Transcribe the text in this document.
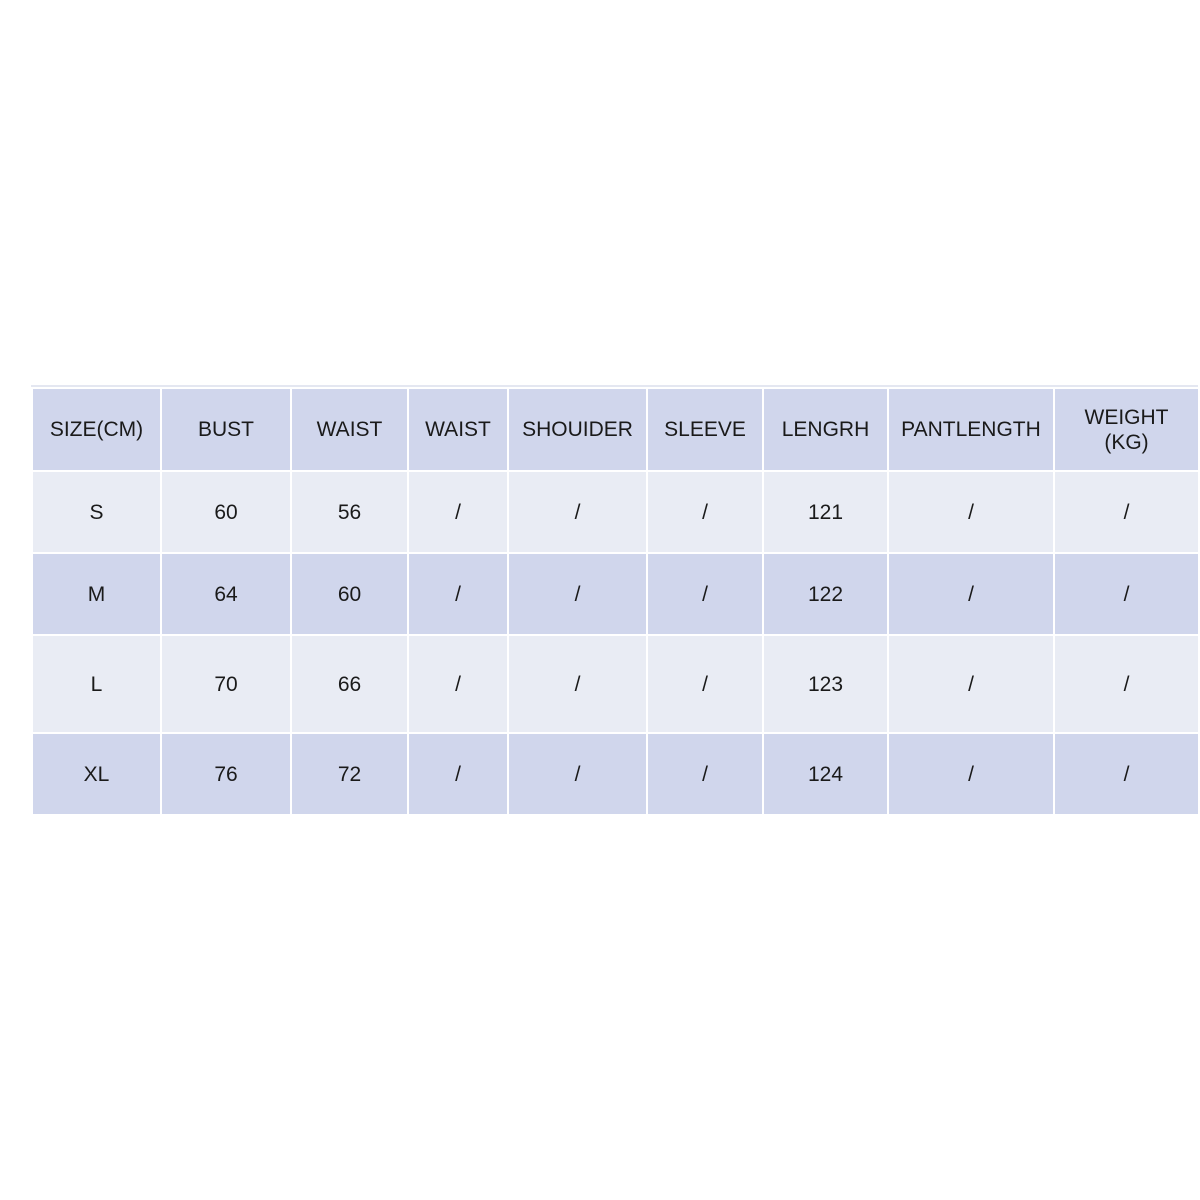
SIZE(CM)	BUST	WAIST	WAIST	SHOUIDER	SLEEVE	LENGRH	PANTLENGTH	WEIGHT (KG)
S	60	56	/	/	/	121	/	/
M	64	60	/	/	/	122	/	/
L	70	66	/	/	/	123	/	/
XL	76	72	/	/	/	124	/	/
